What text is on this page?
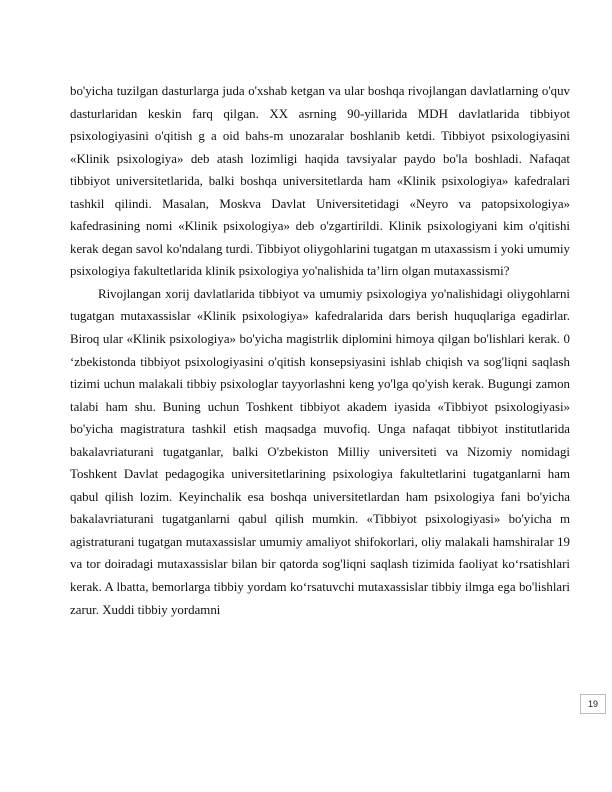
bo'yicha tuzilgan dasturlarga juda o'xshab ketgan va ular boshqa rivojlangan davlatlarning o'quv dasturlaridan keskin farq qilgan. XX asrning 90-yillarida MDH davlatlarida tibbiyot psixologiyasini o'qitish g a oid bahs-m unozaralar boshlanib ketdi. Tibbiyot psixologiyasini «Klinik psixologiya» deb atash lozimligi haqida tavsiyalar paydo bo'la boshladi. Nafaqat tibbiyot universitetlarida, balki boshqa universitetlarda ham «Klinik psixologiya» kafedralari tashkil qilindi. Masalan, Moskva Davlat Universitetidagi «Neyro va patopsixologiya» kafedrasining nomi «Klinik psixologiya» deb o'zgartirildi. Klinik psixologiyani kim o'qitishi kerak degan savol ko'ndalang turdi. Tibbiyot oliygohlarini tugatgan m utaxassism i yoki umumiy psixologiya fakultetlarida klinik psixologiya yo'nalishida ta’lirn olgan mutaxassismi?

Rivojlangan xorij davlatlarida tibbiyot va umumiy psixologiya yo'nalishidagi oliygohlarni tugatgan mutaxassislar «Klinik psixologiya» kafedralarida dars berish huquqlariga egadirlar. Biroq ular «Klinik psixologiya» bo'yicha magistrlik diplomini himoya qilgan bo'lishlari kerak. 0 ‘zbekistonda tibbiyot psixologiyasini o'qitish konsepsiyasini ishlab chiqish va sog'liqni saqlash tizimi uchun malakali tibbiy psixologlar tayyorlashni keng yo'lga qo'yish kerak. Bugungi zamon talabi ham shu. Buning uchun Toshkent tibbiyot akadem iyasida «Tibbiyot psixologiyasi» bo'yicha magistratura tashkil etish maqsadga muvofiq. Unga nafaqat tibbiyot institutlarida bakalavriaturani tugatganlar, balki O'zbekiston Milliy universiteti va Nizomiy nomidagi Toshkent Davlat pedagogika universitetlarining psixologiya fakultetlarini tugatganlarni ham qabul qilish lozim. Keyinchalik esa boshqa universitetlardan ham psixologiya fani bo'yicha bakalavriaturani tugatganlarni qabul qilish mumkin. «Tibbiyot psixologiyasi» bo'yicha m agistraturani tugatgan mutaxassislar umumiy amaliyot shifokorlari, oliy malakali hamshiralar 19 va tor doiradagi mutaxassislar bilan bir qatorda sog'liqni saqlash tizimida faoliyat ko‘rsatishlari kerak. A lbatta, bemorlarga tibbiy yordam ko‘rsatuvchi mutaxassislar tibbiy ilmga ega bo'lishlari zarur. Xuddi tibbiy yordamni

19
